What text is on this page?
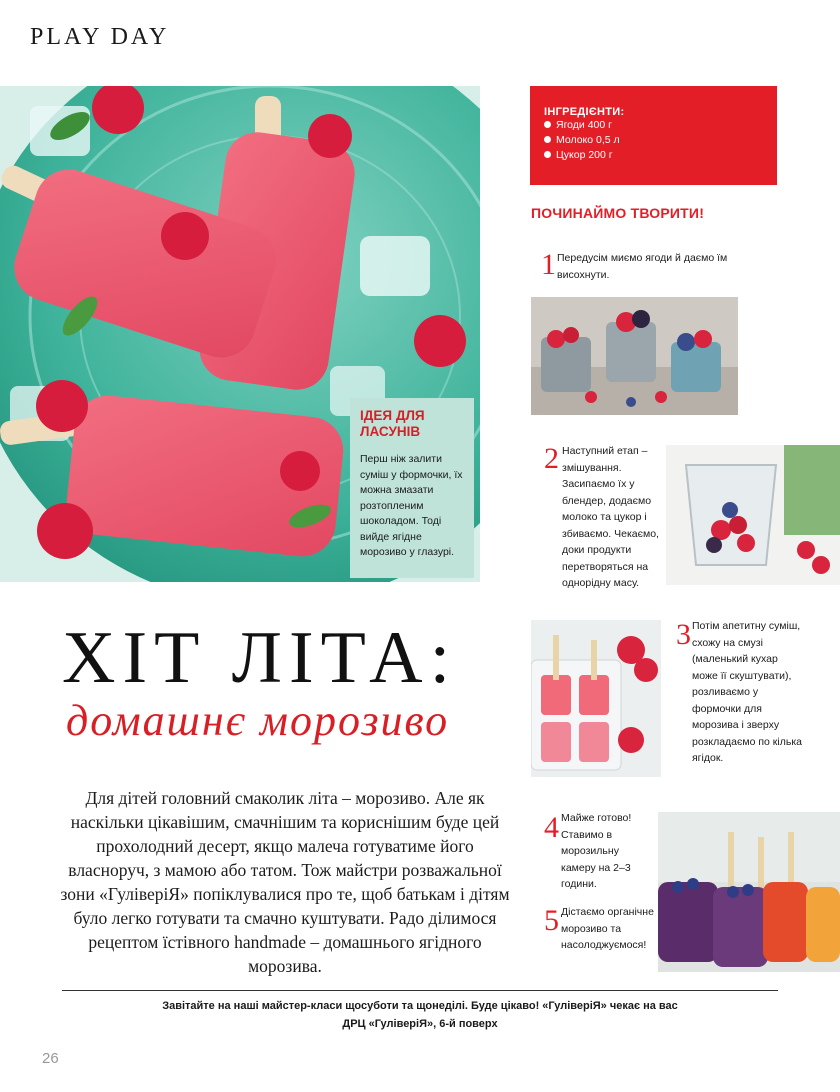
PLAY DAY
ІДЕЯ ДЛЯ
ЛАСУНІВ
Перш ніж залити суміш у формочки, їх можна змазати розтопленим шоколадом. Тоді вийде ягідне морозиво у глазурі.
ІНГРЕДІЄНТИ:
Ягоди 400 г
Молоко 0,5 л
Цукор 200 г
ПОЧИНАЙМО ТВОРИТИ!
1 Передусім миємо ягоди й даємо їм висохнути.
2 Наступний етап – змішування. Засипаємо їх у блендер, додаємо молоко та цукор і збиваємо. Чекаємо, доки продукти перетворяться на однорідну масу.
3 Потім апетитну суміш, схожу на смузі (маленький кухар може її скуштувати), розливаємо у формочки для морозива і зверху розкладаємо по кілька ягідок.
4 Майже готово! Ставимо в морозильну камеру на 2–3 години.
5 Дістаємо органічне морозиво та насолоджуємося!
ХІТ ЛІТА:
домашнє морозиво
Для дітей головний смаколик літа – морозиво. Але як наскільки цікавішим, смачнішим та кориснішим буде цей прохолодний десерт, якщо малеча готуватиме його власноруч, з мамою або татом. Тож майстри розважальної зони «ГуліверіЯ» попіклувалися про те, щоб батькам і дітям було легко готувати та смачно куштувати. Радо ділимося рецептом їстівного handmade – домашнього ягідного морозива.
Завітайте на наші майстер-класи щосуботи та щонеділі. Буде цікаво! «ГуліверіЯ» чекає на вас
ДРЦ «ГуліверіЯ», 6-й поверх
26
